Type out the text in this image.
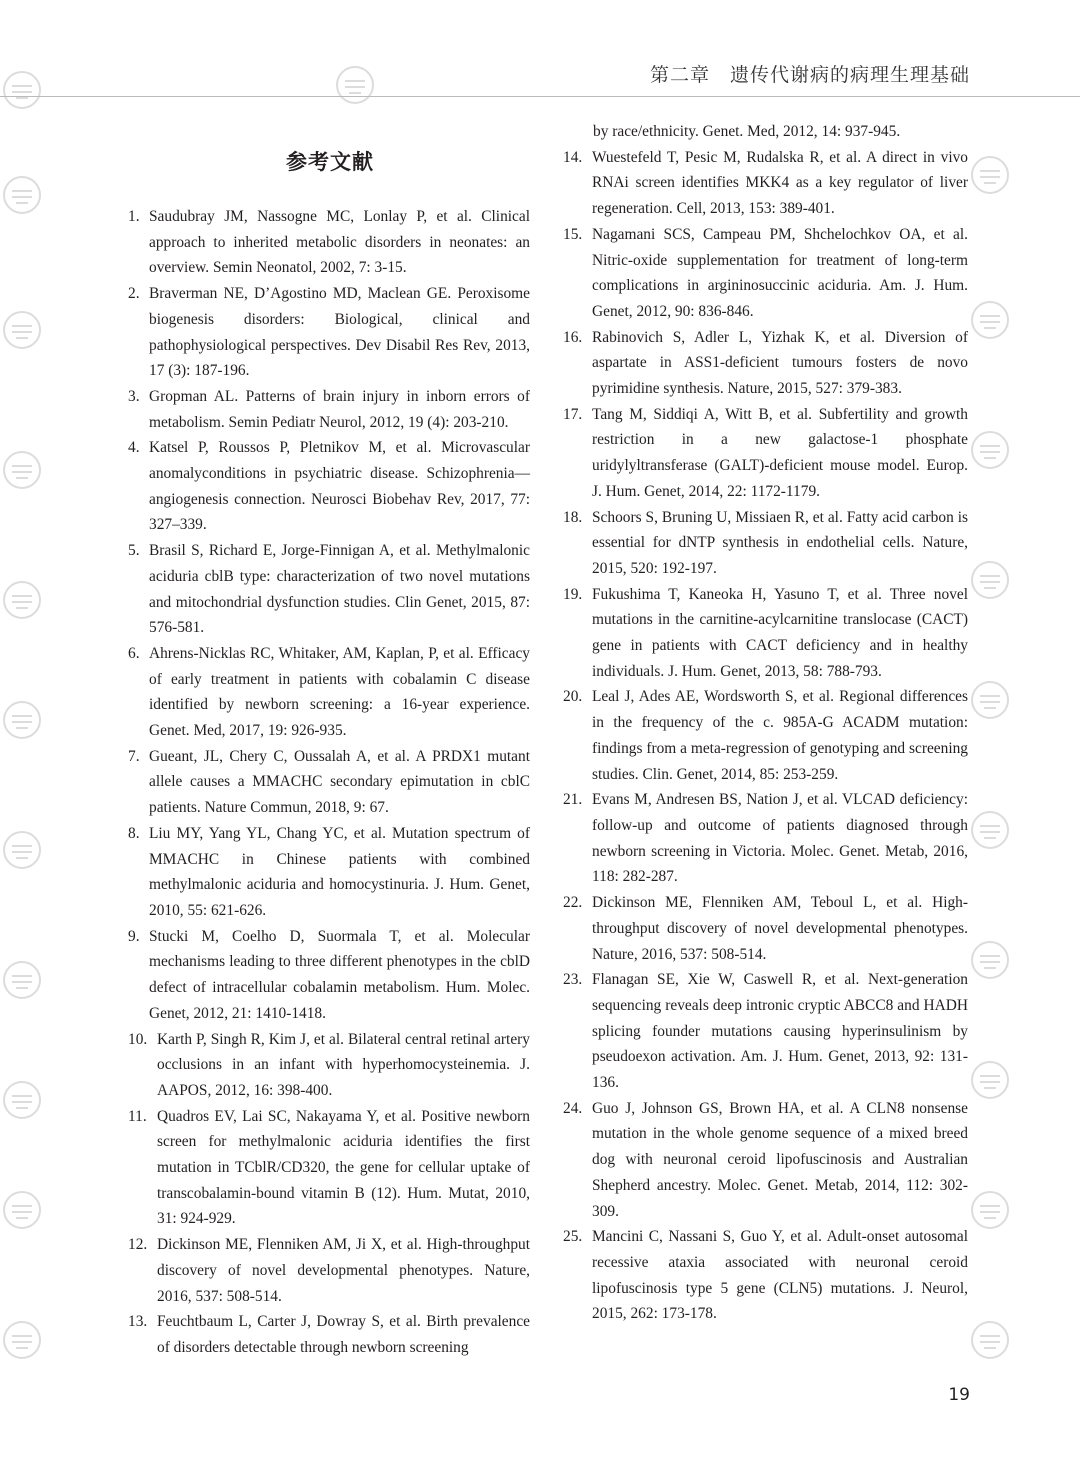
第二章　遗传代谢病的病理生理基础
参考文献
1. Saudubray JM, Nassogne MC, Lonlay P, et al. Clinical approach to inherited metabolic disorders in neonates: an overview. Semin Neonatol, 2002, 7: 3-15.
2. Braverman NE, D’Agostino MD, Maclean GE. Peroxisome biogenesis disorders: Biological, clinical and pathophysiological perspectives. Dev Disabil Res Rev, 2013, 17 (3): 187-196.
3. Gropman AL. Patterns of brain injury in inborn errors of metabolism. Semin Pediatr Neurol, 2012, 19 (4): 203-210.
4. Katsel P, Roussos P, Pletnikov M, et al. Microvascular anomalyconditions in psychiatric disease. Schizophrenia—angiogenesis connection. Neurosci Biobehav Rev, 2017, 77: 327–339.
5. Brasil S, Richard E, Jorge-Finnigan A, et al. Methylmalonic aciduria cblB type: characterization of two novel mutations and mitochondrial dysfunction studies. Clin Genet, 2015, 87: 576-581.
6. Ahrens-Nicklas RC, Whitaker, AM, Kaplan, P, et al. Efficacy of early treatment in patients with cobalamin C disease identified by newborn screening: a 16-year experience. Genet. Med, 2017, 19: 926-935.
7. Gueant, JL, Chery C, Oussalah A, et al. A PRDX1 mutant allele causes a MMACHC secondary epimutation in cblC patients. Nature Commun, 2018, 9: 67.
8. Liu MY, Yang YL, Chang YC, et al. Mutation spectrum of MMACHC in Chinese patients with combined methylmalonic aciduria and homocystinuria. J. Hum. Genet, 2010, 55: 621-626.
9. Stucki M, Coelho D, Suormala T, et al. Molecular mechanisms leading to three different phenotypes in the cblD defect of intracellular cobalamin metabolism. Hum. Molec. Genet, 2012, 21: 1410-1418.
10. Karth P, Singh R, Kim J, et al. Bilateral central retinal artery occlusions in an infant with hyperhomocysteinemia. J. AAPOS, 2012, 16: 398-400.
11. Quadros EV, Lai SC, Nakayama Y, et al. Positive newborn screen for methylmalonic aciduria identifies the first mutation in TCblR/CD320, the gene for cellular uptake of transcobalamin-bound vitamin B (12). Hum. Mutat, 2010, 31: 924-929.
12. Dickinson ME, Flenniken AM, Ji X, et al. High-throughput discovery of novel developmental phenotypes. Nature, 2016, 537: 508-514.
13. Feuchtbaum L, Carter J, Dowray S, et al. Birth prevalence of disorders detectable through newborn screening
by race/ethnicity. Genet. Med, 2012, 14: 937-945.
14. Wuestefeld T, Pesic M, Rudalska R, et al. A direct in vivo RNAi screen identifies MKK4 as a key regulator of liver regeneration. Cell, 2013, 153: 389-401.
15. Nagamani SCS, Campeau PM, Shchelochkov OA, et al. Nitric-oxide supplementation for treatment of long-term complications in argininosuccinic aciduria. Am. J. Hum. Genet, 2012, 90: 836-846.
16. Rabinovich S, Adler L, Yizhak K, et al. Diversion of aspartate in ASS1-deficient tumours fosters de novo pyrimidine synthesis. Nature, 2015, 527: 379-383.
17. Tang M, Siddiqi A, Witt B, et al. Subfertility and growth restriction in a new galactose-1 phosphate uridylyltransferase (GALT)-deficient mouse model. Europ. J. Hum. Genet, 2014, 22: 1172-1179.
18. Schoors S, Bruning U, Missiaen R, et al. Fatty acid carbon is essential for dNTP synthesis in endothelial cells. Nature, 2015, 520: 192-197.
19. Fukushima T, Kaneoka H, Yasuno T, et al. Three novel mutations in the carnitine-acylcarnitine translocase (CACT) gene in patients with CACT deficiency and in healthy individuals. J. Hum. Genet, 2013, 58: 788-793.
20. Leal J, Ades AE, Wordsworth S, et al. Regional differences in the frequency of the c. 985A-G ACADM mutation: findings from a meta-regression of genotyping and screening studies. Clin. Genet, 2014, 85: 253-259.
21. Evans M, Andresen BS, Nation J, et al. VLCAD deficiency: follow-up and outcome of patients diagnosed through newborn screening in Victoria. Molec. Genet. Metab, 2016, 118: 282-287.
22. Dickinson ME, Flenniken AM, Teboul L, et al. High-throughput discovery of novel developmental phenotypes. Nature, 2016, 537: 508-514.
23. Flanagan SE, Xie W, Caswell R, et al. Next-generation sequencing reveals deep intronic cryptic ABCC8 and HADH splicing founder mutations causing hyperinsulinism by pseudoexon activation. Am. J. Hum. Genet, 2013, 92: 131-136.
24. Guo J, Johnson GS, Brown HA, et al. A CLN8 nonsense mutation in the whole genome sequence of a mixed breed dog with neuronal ceroid lipofuscinosis and Australian Shepherd ancestry. Molec. Genet. Metab, 2014, 112: 302-309.
25. Mancini C, Nassani S, Guo Y, et al. Adult-onset autosomal recessive ataxia associated with neuronal ceroid lipofuscinosis type 5 gene (CLN5) mutations. J. Neurol, 2015, 262: 173-178.
19
